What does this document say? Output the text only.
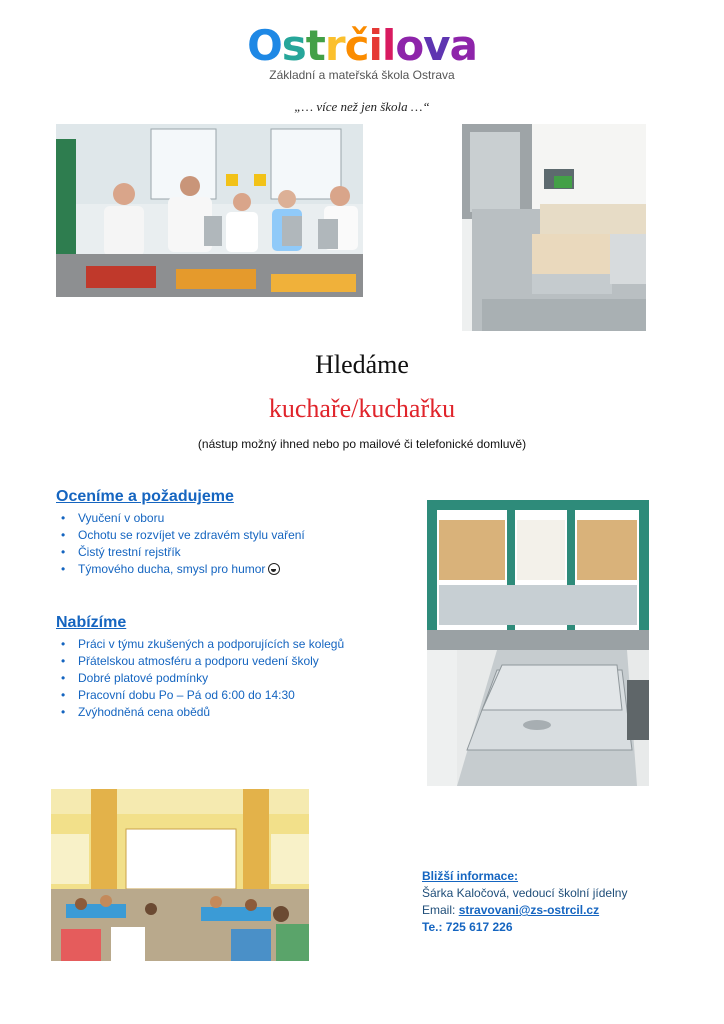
Ostrčilova
Základní a mateřská škola Ostrava
„… více než jen škola …“
Hledáme
kuchaře/kuchařku
(nástup možný ihned nebo po mailové či telefonické domluvě)
Oceníme a požadujeme
• Vyučení v oboru
• Ochotu se rozvíjet ve zdravém stylu vaření
• Čistý trestní rejstřík
• Týmového ducha, smysl pro humor
Nabízíme
• Práci v týmu zkušených a podporujících se kolegů
• Přátelskou atmosféru a podporu vedení školy
• Dobré platové podmínky
• Pracovní dobu Po – Pá od 6:00 do 14:30
• Zvýhodněná cena obědů
Bližší informace:
Šárka Kaločová, vedoucí školní jídelny
Email: stravovani@zs-ostrcil.cz
Te.: 725 617 226
